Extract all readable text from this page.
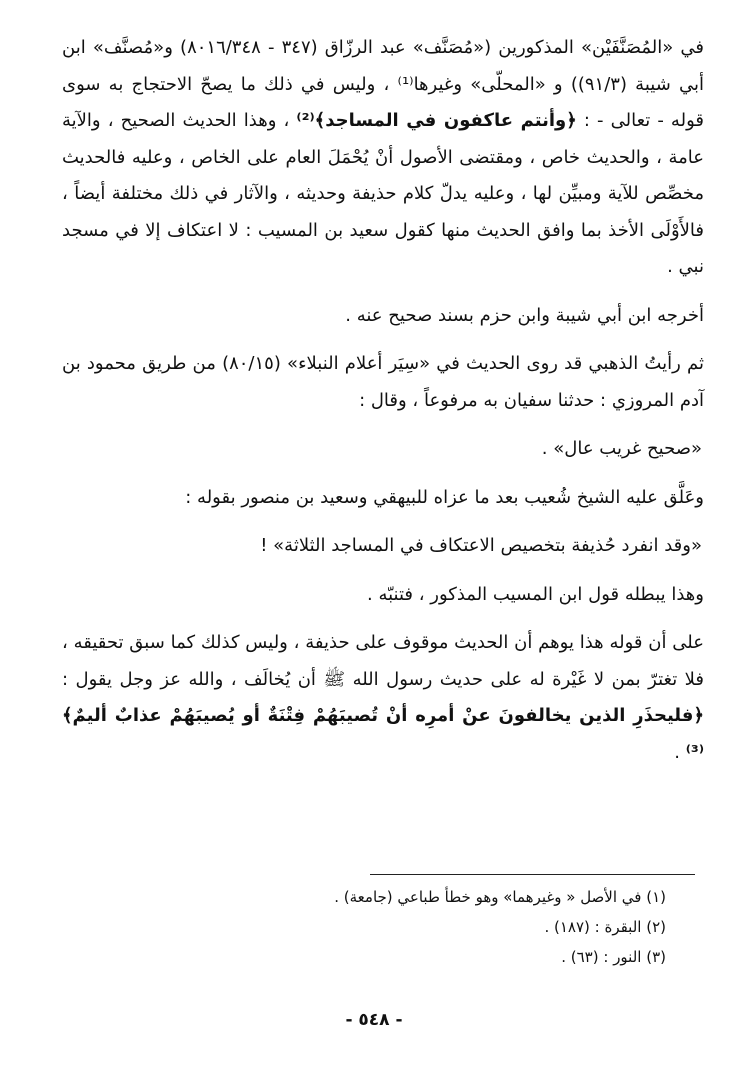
في «المُصَنَّفَيْن» المذكورين («مُصَنَّف» عبد الرزّاق (٣٤٧ - ٨٠١٦/٣٤٨) و«مُصنَّف» ابن أبي شيبة (٩١/٣)) و «المحلّى» وغيرها⁽¹⁾ ، وليس في ذلك ما يصحّ الاحتجاج به سوى قوله - تعالى - : ﴿وأنتم عاكفون في المساجد﴾⁽²⁾ ، وهذا الحديث الصحيح ، والآية عامة ، والحديث خاص ، ومقتضى الأصول أنْ يُحْمَلَ العام على الخاص ، وعليه فالحديث مخصِّص للآية ومبيِّن لها ، وعليه يدلّ كلام حذيفة وحديثه ، والآثار في ذلك مختلفة أيضاً ، فالأَوْلَى الأخذ بما وافق الحديث منها كقول سعيد بن المسيب : لا اعتكاف إلا في مسجد نبي .

أخرجه ابن أبي شيبة وابن حزم بسند صحيح عنه .

ثم رأيتُ الذهبي قد روى الحديث في «سِيَر أعلام النبلاء» (٨٠/١٥) من طريق محمود بن آدم المروزي : حدثنا سفيان به مرفوعاً ، وقال :

«صحيح غريب عال» .

وعَلَّق عليه الشيخ شُعيب بعد ما عزاه للبيهقي وسعيد بن منصور بقوله :

«وقد انفرد حُذيفة بتخصيص الاعتكاف في المساجد الثلاثة» !

وهذا يبطله قول ابن المسيب المذكور ، فتنبّه .

على أن قوله هذا يوهم أن الحديث موقوف على حذيفة ، وليس كذلك كما سبق تحقيقه ، فلا تغترّ بمن لا غَيْرة له على حديث رسول الله ﷺ أن يُخالَف ، والله عز وجل يقول : ﴿فليحذَرِ الذين يخالفونَ عنْ أمرِه أنْ تُصيبَهُمْ فِتْنَةٌ أو يُصيبَهُمْ عذابٌ أليمٌ﴾⁽³⁾ .

(١) في الأصل « وغيرهما» وهو خطأ طباعي (جامعة) .

(٢) البقرة : (١٨٧) .

(٣) النور : (٦٣) .

- ٥٤٨ -
